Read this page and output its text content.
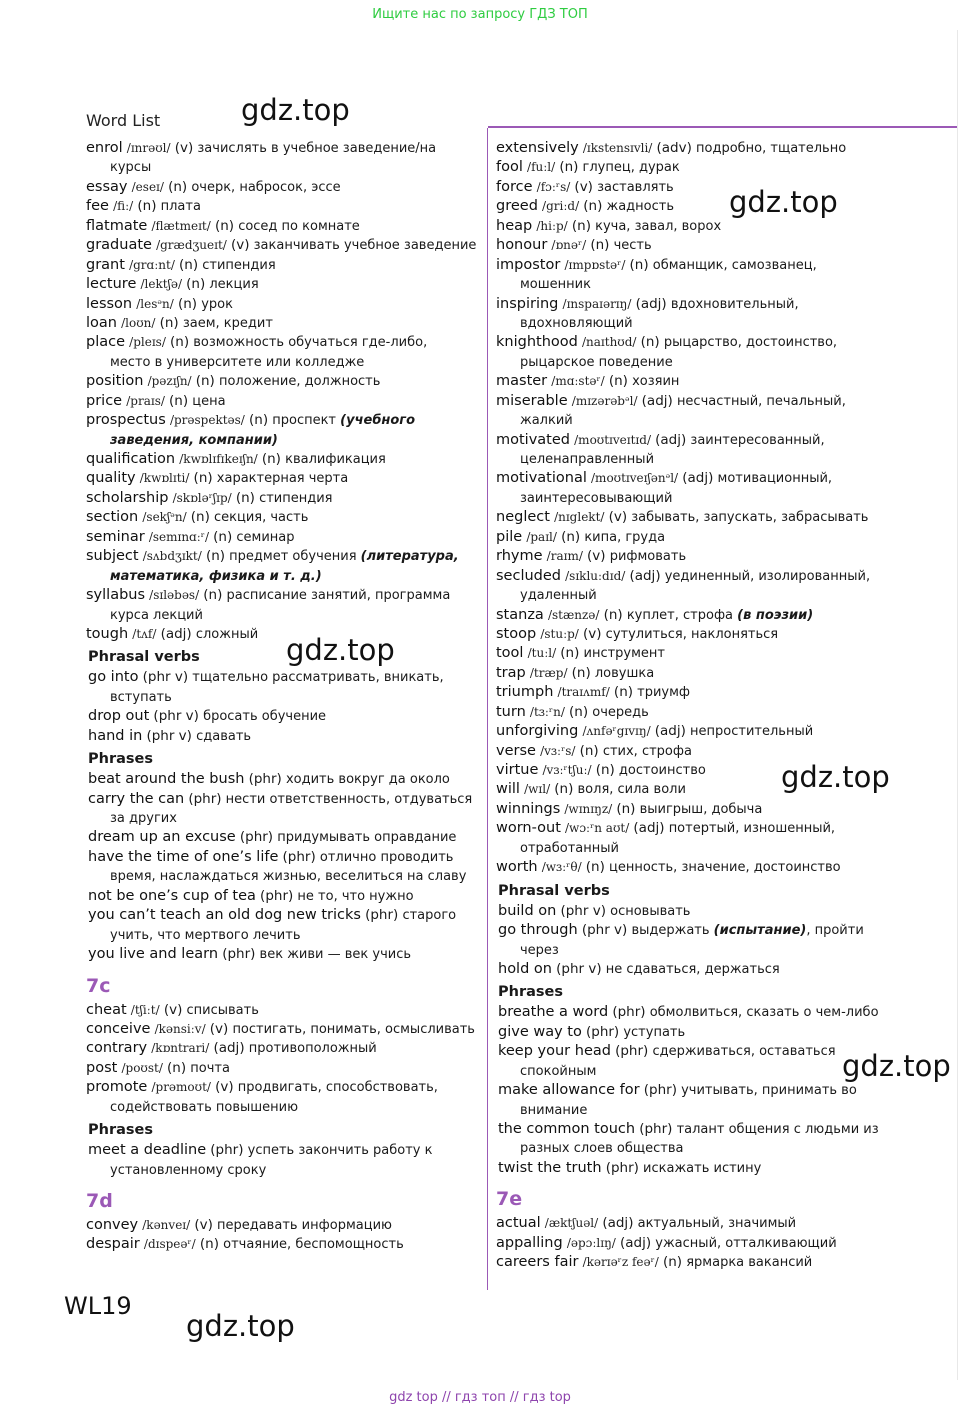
Ищите нас по запросу ГДЗ ТОП
Word List
enrol /ɪnrəʊl/ (v) зачислять в учебное заведение/на
курсы
essay /eseɪ/ (n) очерк, набросок, эссе
fee /fiː/ (n) плата
flatmate /flætmeɪt/ (n) сосед по комнате
graduate /grædʒueɪt/ (v) заканчивать учебное заведение
grant /grɑːnt/ (n) стипендия
lecture /lektʃə/ (n) лекция
lesson /lesᵊn/ (n) урок
loan /loʊn/ (n) заем, кредит
place /pleɪs/ (n) возможность обучаться где-либо,
место в университете или колледже
position /pəzɪʃn/ (n) положение, должность
price /praɪs/ (n) цена
prospectus /prəspektəs/ (n) проспект (учебного
заведения, компании)
qualification /kwɒlɪfɪkeɪʃn/ (n) квалификация
quality /kwɒlɪti/ (n) характерная черта
scholarship /skɒləʳʃɪp/ (n) стипендия
section /sekʃᵊn/ (n) секция, часть
seminar /semɪnɑːʳ/ (n) семинар
subject /sʌbdʒɪkt/ (n) предмет обучения (литература,
математика, физика и т. д.)
syllabus /sɪləbəs/ (n) расписание занятий, программа
курса лекций
tough /tʌf/ (adj) сложный
Phrasal verbs
go into (phr v) тщательно рассматривать, вникать,
вступать
drop out (phr v) бросать обучение
hand in (phr v) сдавать
Phrases
beat around the bush (phr) ходить вокруг да около
carry the can (phr) нести ответственность, отдуваться
за других
dream up an excuse (phr) придумывать оправдание
have the time of one’s life (phr) отлично проводить
время, наслаждаться жизнью, веселиться на славу
not be one’s cup of tea (phr) не то, что нужно
you can’t teach an old dog new tricks (phr) старого
учить, что мертвого лечить
you live and learn (phr) век живи — век учись
7c
cheat /tʃiːt/ (v) списывать
conceive /kənsiːv/ (v) постигать, понимать, осмысливать
contrary /kɒntrari/ (adj) противоположный
post /poʊst/ (n) почта
promote /prəmoʊt/ (v) продвигать, способствовать,
содействовать повышению
Phrases
meet a deadline (phr) успеть закончить работу к
установленному сроку
7d
convey /kənveɪ/ (v) передавать информацию
despair /dɪspeəʳ/ (n) отчаяние, беспомощность
extensively /ɪkstensɪvli/ (adv) подробно, тщательно
fool /fuːl/ (n) глупец, дурак
force /fɔːʳs/ (v) заставлять
greed /griːd/ (n) жадность
heap /hiːp/ (n) куча, завал, ворох
honour /ɒnəʳ/ (n) честь
impostor /ɪmpɒstəʳ/ (n) обманщик, самозванец,
мошенник
inspiring /ɪnspaɪərɪŋ/ (adj) вдохновительный,
вдохновляющий
knighthood /naɪthʊd/ (n) рыцарство, достоинство,
рыцарское поведение
master /mɑːstəʳ/ (n) хозяин
miserable /mɪzərəbᵊl/ (adj) несчастный, печальный,
жалкий
motivated /moʊtɪveɪtɪd/ (adj) заинтересованный,
целенаправленный
motivational /moʊtɪveɪʃənᵊl/ (adj) мотивационный,
заинтересовывающий
neglect /nɪglekt/ (v) забывать, запускать, забрасывать
pile /paɪl/ (n) кипа, груда
rhyme /raɪm/ (v) рифмовать
secluded /sɪkluːdɪd/ (adj) уединенный, изолированный,
удаленный
stanza /stænzə/ (n) куплет, строфа (в поэзии)
stoop /stuːp/ (v) сутулиться, наклоняться
tool /tuːl/ (n) инструмент
trap /træp/ (n) ловушка
triumph /traɪʌmf/ (n) триумф
turn /tɜːʳn/ (n) очередь
unforgiving /ʌnfəʳgɪvɪŋ/ (adj) непростительный
verse /vɜːʳs/ (n) стих, строфа
virtue /vɜːʳtʃuː/ (n) достоинство
will /wɪl/ (n) воля, сила воли
winnings /wɪnɪŋz/ (n) выигрыш, добыча
worn-out /wɔːʳn aʊt/ (adj) потертый, изношенный,
отработанный
worth /wɜːʳθ/ (n) ценность, значение, достоинство
Phrasal verbs
build on (phr v) основывать
go through (phr v) выдержать (испытание), пройти
через
hold on (phr v) не сдаваться, держаться
Phrases
breathe a word (phr) обмолвиться, сказать о чем-либо
give way to (phr) уступать
keep your head (phr) сдерживаться, оставаться
спокойным
make allowance for (phr) учитывать, принимать во
внимание
the common touch (phr) талант общения с людьми из
разных слоев общества
twist the truth (phr) искажать истину
7e
actual /æktʃuəl/ (adj) актуальный, значимый
appalling /əpɔːlɪŋ/ (adj) ужасный, отталкивающий
careers fair /kərɪəʳz feəʳ/ (n) ярмарка вакансий
gdz.top
gdz.top
gdz.top
gdz.top
gdz.top
gdz.top
WL19
gdz top // гдз топ // гдз top
